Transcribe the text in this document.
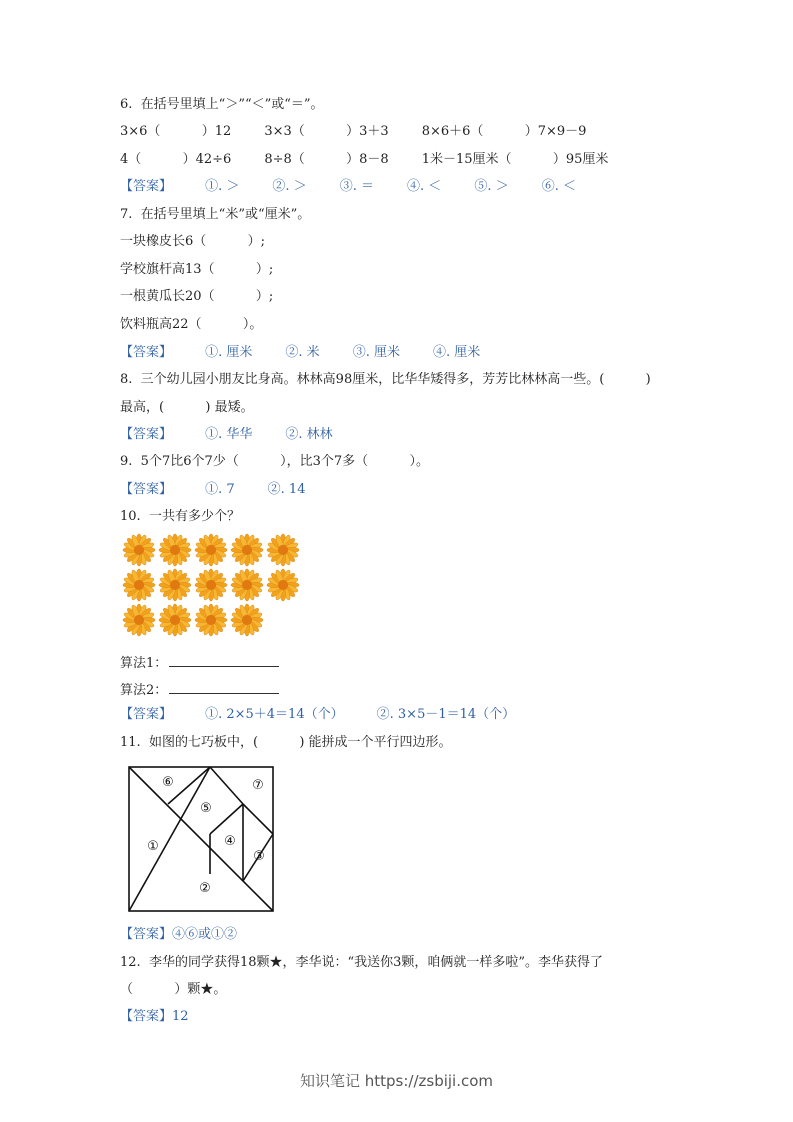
6.  在括号里填上“＞”“＜”或“＝”。
3×6（          ）12        3×3（          ）3＋3        8×6＋6（          ）7×9－9
4（          ）42÷6        8÷8（          ）8－8        1米－15厘米（          ）95厘米
【答案】        ①. ＞        ②. ＞        ③. ＝        ④. ＜        ⑤. ＞        ⑥. ＜
7.  在括号里填上“米”或“厘米”。
一块橡皮长6（          ）;
学校旗杆高13（          ）;
一根黄瓜长20（          ）;
饮料瓶高22（          ）。
【答案】        ①. 厘米        ②. 米        ③. 厘米        ④. 厘米
8.  三个幼儿园小朋友比身高。林林高98厘米，比华华矮得多，芳芳比林林高一些。(          )
最高，(          ) 最矮。
【答案】        ①. 华华        ②. 林林
9.  5个7比6个7少（          ），比3个7多（          ）。
【答案】        ①. 7        ②. 14
10.  一共有多少个？
算法1：
算法2：
【答案】        ①. 2×5＋4＝14（个）        ②. 3×5－1＝14（个）
11.  如图的七巧板中，(          ) 能拼成一个平行四边形。
⑥	⑦
⑤
①	④
③
②
【答案】④⑥或①②
12.  李华的同学获得18颗★，李华说：“我送你3颗，咱俩就一样多啦”。李华获得了
（          ）颗★。
【答案】12
知识笔记 https://zsbiji.com
